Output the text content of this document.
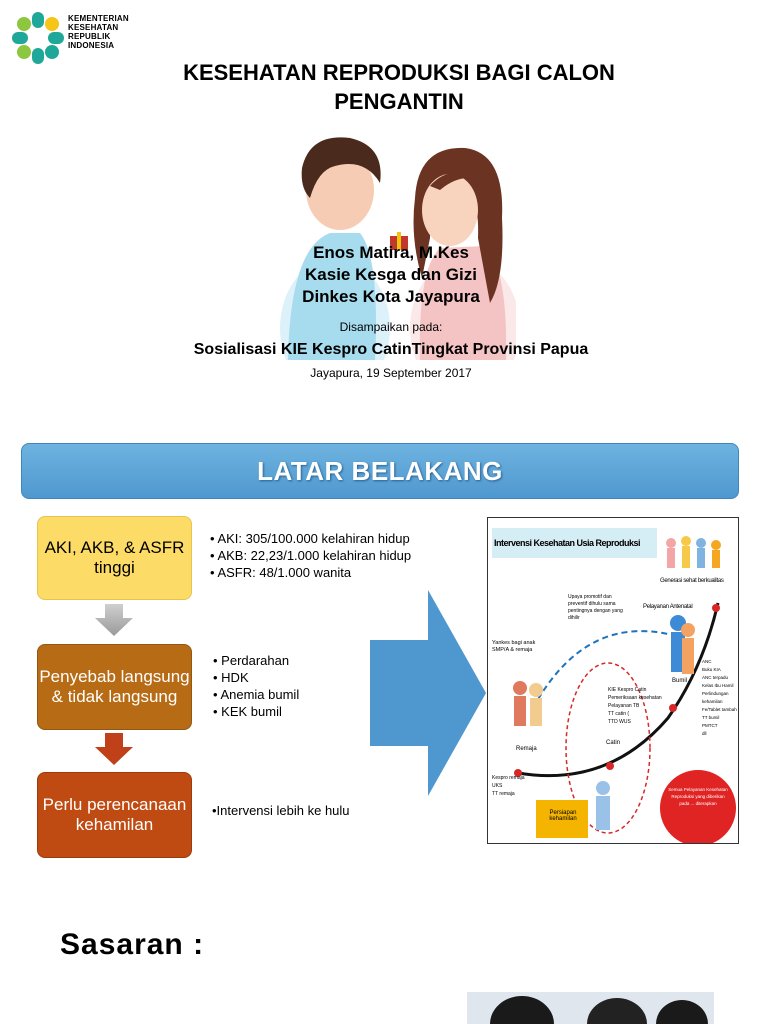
KEMENTERIAN
KESEHATAN
REPUBLIK
INDONESIA
KESEHATAN REPRODUKSI BAGI CALON
PENGANTIN
Enos Matira, M.Kes
Kasie Kesga dan Gizi
Dinkes Kota Jayapura
Disampaikan pada:
Sosialisasi KIE Kespro CatinTingkat Provinsi Papua
Jayapura, 19 September 2017
LATAR BELAKANG
AKI, AKB, & ASFR tinggi
Penyebab langsung & tidak langsung
Perlu perencanaan kehamilan
• AKI: 305/100.000 kelahiran hidup
• AKB: 22,23/1.000 kelahiran hidup
• ASFR: 48/1.000 wanita
• Perdarahan
• HDK
• Anemia bumil
• KEK bumil
•Intervensi lebih ke hulu
Intervensi Kesehatan Usia Reproduksi
Generasi sehat berkualitas
Upaya promotif dan preventif dihulu sama pentingnya dengan yang dihilir
Pelayanan Antenatal
Yankes bagi anak SMP/A & remaja
Remaja
Catin
Bumil
KIE Kespro Catin
Pemeriksaan kesehatan
Pelayanan TB
TT catin (
TTD WUS
Kespro remaja
UKS
TT remaja
ANC
Buku KIA
ANC terpadu
Kelas Ibu Hamil
Perlindungan kehamilan
Fe/Tablet tambah
TT bumil
PMTCT
dll
Persiapan kehamilan
Semua Pelayanan Kesehatan Reproduksi yang diberikan pada ... diterapkan
Sasaran :
